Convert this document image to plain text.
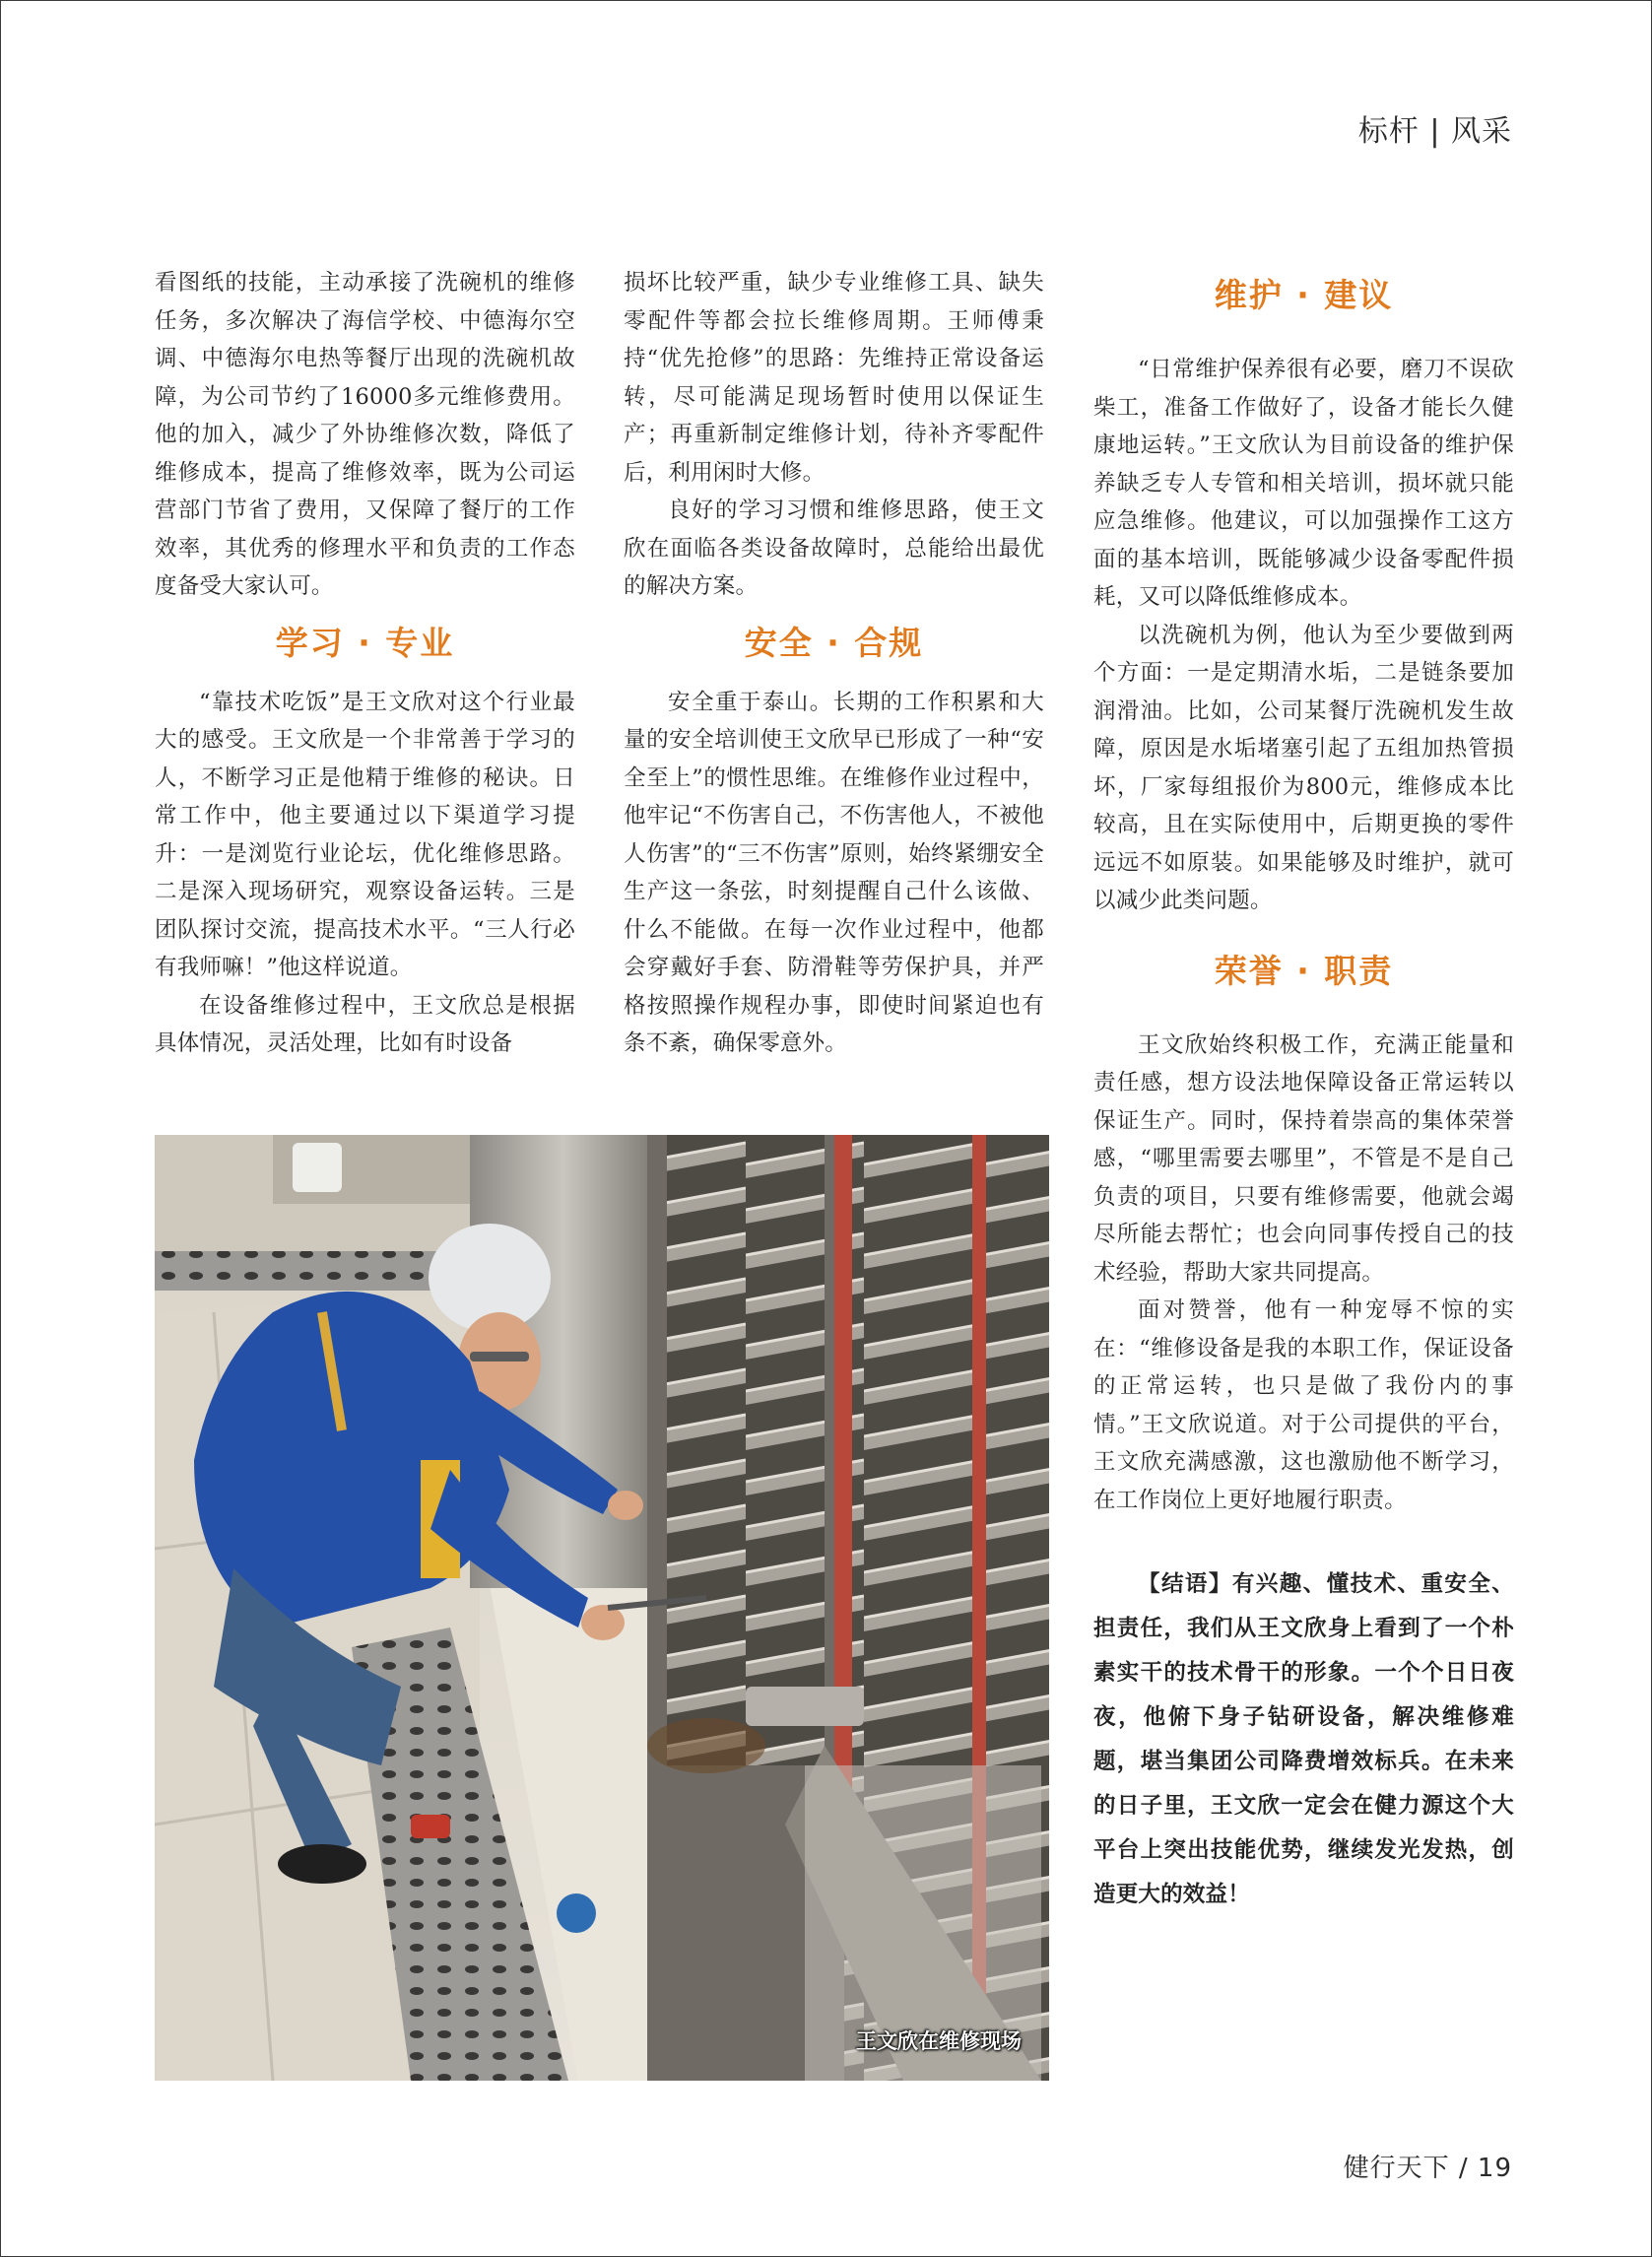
标杆 | 风采

看图纸的技能，主动承接了洗碗机的维修任务，多次解决了海信学校、中德海尔空调、中德海尔电热等餐厅出现的洗碗机故障，为公司节约了16000多元维修费用。他的加入，减少了外协维修次数，降低了维修成本，提高了维修效率，既为公司运营部门节省了费用，又保障了餐厅的工作效率，其优秀的修理水平和负责的工作态度备受大家认可。

学习 · 专业

“靠技术吃饭”是王文欣对这个行业最大的感受。王文欣是一个非常善于学习的人，不断学习正是他精于维修的秘诀。日常工作中，他主要通过以下渠道学习提升：一是浏览行业论坛，优化维修思路。二是深入现场研究，观察设备运转。三是团队探讨交流，提高技术水平。“三人行必有我师嘛！”他这样说道。

在设备维修过程中，王文欣总是根据具体情况，灵活处理，比如有时设备

损坏比较严重，缺少专业维修工具、缺失零配件等都会拉长维修周期。王师傅秉持“优先抢修”的思路：先维持正常设备运转，尽可能满足现场暂时使用以保证生产；再重新制定维修计划，待补齐零配件后，利用闲时大修。

良好的学习习惯和维修思路，使王文欣在面临各类设备故障时，总能给出最优的解决方案。

安全 · 合规

安全重于泰山。长期的工作积累和大量的安全培训使王文欣早已形成了一种“安全至上”的惯性思维。在维修作业过程中，他牢记“不伤害自己，不伤害他人，不被他人伤害”的“三不伤害”原则，始终紧绷安全生产这一条弦，时刻提醒自己什么该做、什么不能做。在每一次作业过程中，他都会穿戴好手套、防滑鞋等劳保护具，并严格按照操作规程办事，即使时间紧迫也有条不紊，确保零意外。

维护 · 建议

“日常维护保养很有必要，磨刀不误砍柴工，准备工作做好了，设备才能长久健康地运转。”王文欣认为目前设备的维护保养缺乏专人专管和相关培训，损坏就只能应急维修。他建议，可以加强操作工这方面的基本培训，既能够减少设备零配件损耗，又可以降低维修成本。

以洗碗机为例，他认为至少要做到两个方面：一是定期清水垢，二是链条要加润滑油。比如，公司某餐厅洗碗机发生故障，原因是水垢堵塞引起了五组加热管损坏，厂家每组报价为800元，维修成本比较高，且在实际使用中，后期更换的零件远远不如原装。如果能够及时维护，就可以减少此类问题。

荣誉 · 职责

王文欣始终积极工作，充满正能量和责任感，想方设法地保障设备正常运转以保证生产。同时，保持着崇高的集体荣誉感，“哪里需要去哪里”，不管是不是自己负责的项目，只要有维修需要，他就会竭尽所能去帮忙；也会向同事传授自己的技术经验，帮助大家共同提高。

面对赞誉，他有一种宠辱不惊的实在：“维修设备是我的本职工作，保证设备的正常运转，也只是做了我份内的事情。”王文欣说道。对于公司提供的平台，王文欣充满感激，这也激励他不断学习，在工作岗位上更好地履行职责。

【结语】有兴趣、懂技术、重安全、担责任，我们从王文欣身上看到了一个朴素实干的技术骨干的形象。一个个日日夜夜，他俯下身子钻研设备，解决维修难题，堪当集团公司降费增效标兵。在未来的日子里，王文欣一定会在健力源这个大平台上突出技能优势，继续发光发热，创造更大的效益！

王文欣在维修现场
健行天下 / 19
